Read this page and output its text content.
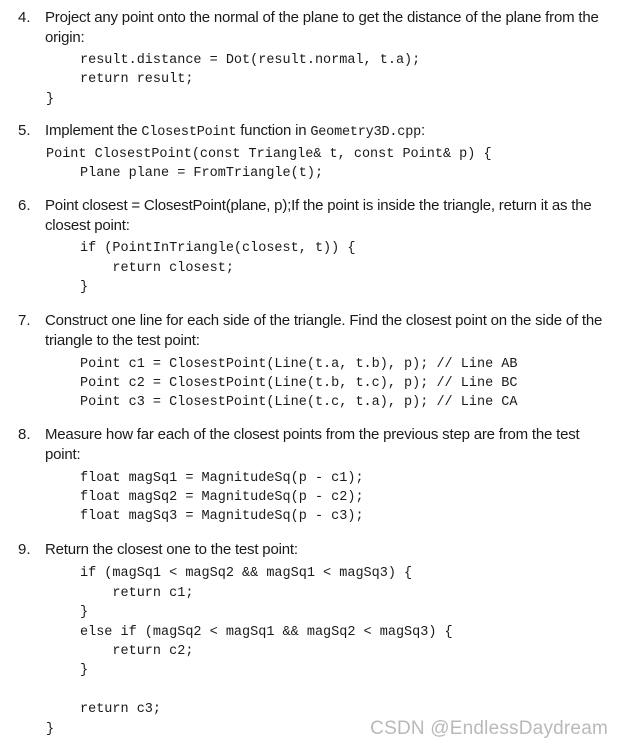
4. Project any point onto the normal of the plane to get the distance of the plane from the origin:
result.distance = Dot(result.normal, t.a);
return result;
}
5. Implement the ClosestPoint function in Geometry3D.cpp:
Point ClosestPoint(const Triangle& t, const Point& p) {
Plane plane = FromTriangle(t);
6. Point closest = ClosestPoint(plane, p);If the point is inside the triangle, return it as the closest point:
if (PointInTriangle(closest, t)) {
return closest;
}
7. Construct one line for each side of the triangle. Find the closest point on the side of the triangle to the test point:
Point c1 = ClosestPoint(Line(t.a, t.b), p); // Line AB
Point c2 = ClosestPoint(Line(t.b, t.c), p); // Line BC
Point c3 = ClosestPoint(Line(t.c, t.a), p); // Line CA
8. Measure how far each of the closest points from the previous step are from the test point:
float magSq1 = MagnitudeSq(p - c1);
float magSq2 = MagnitudeSq(p - c2);
float magSq3 = MagnitudeSq(p - c3);
9. Return the closest one to the test point:
if (magSq1 < magSq2 && magSq1 < magSq3) {
return c1;
}
else if (magSq2 < magSq1 && magSq2 < magSq3) {
return c2;
}
return c3;
}	CSDN @EndlessDaydream
